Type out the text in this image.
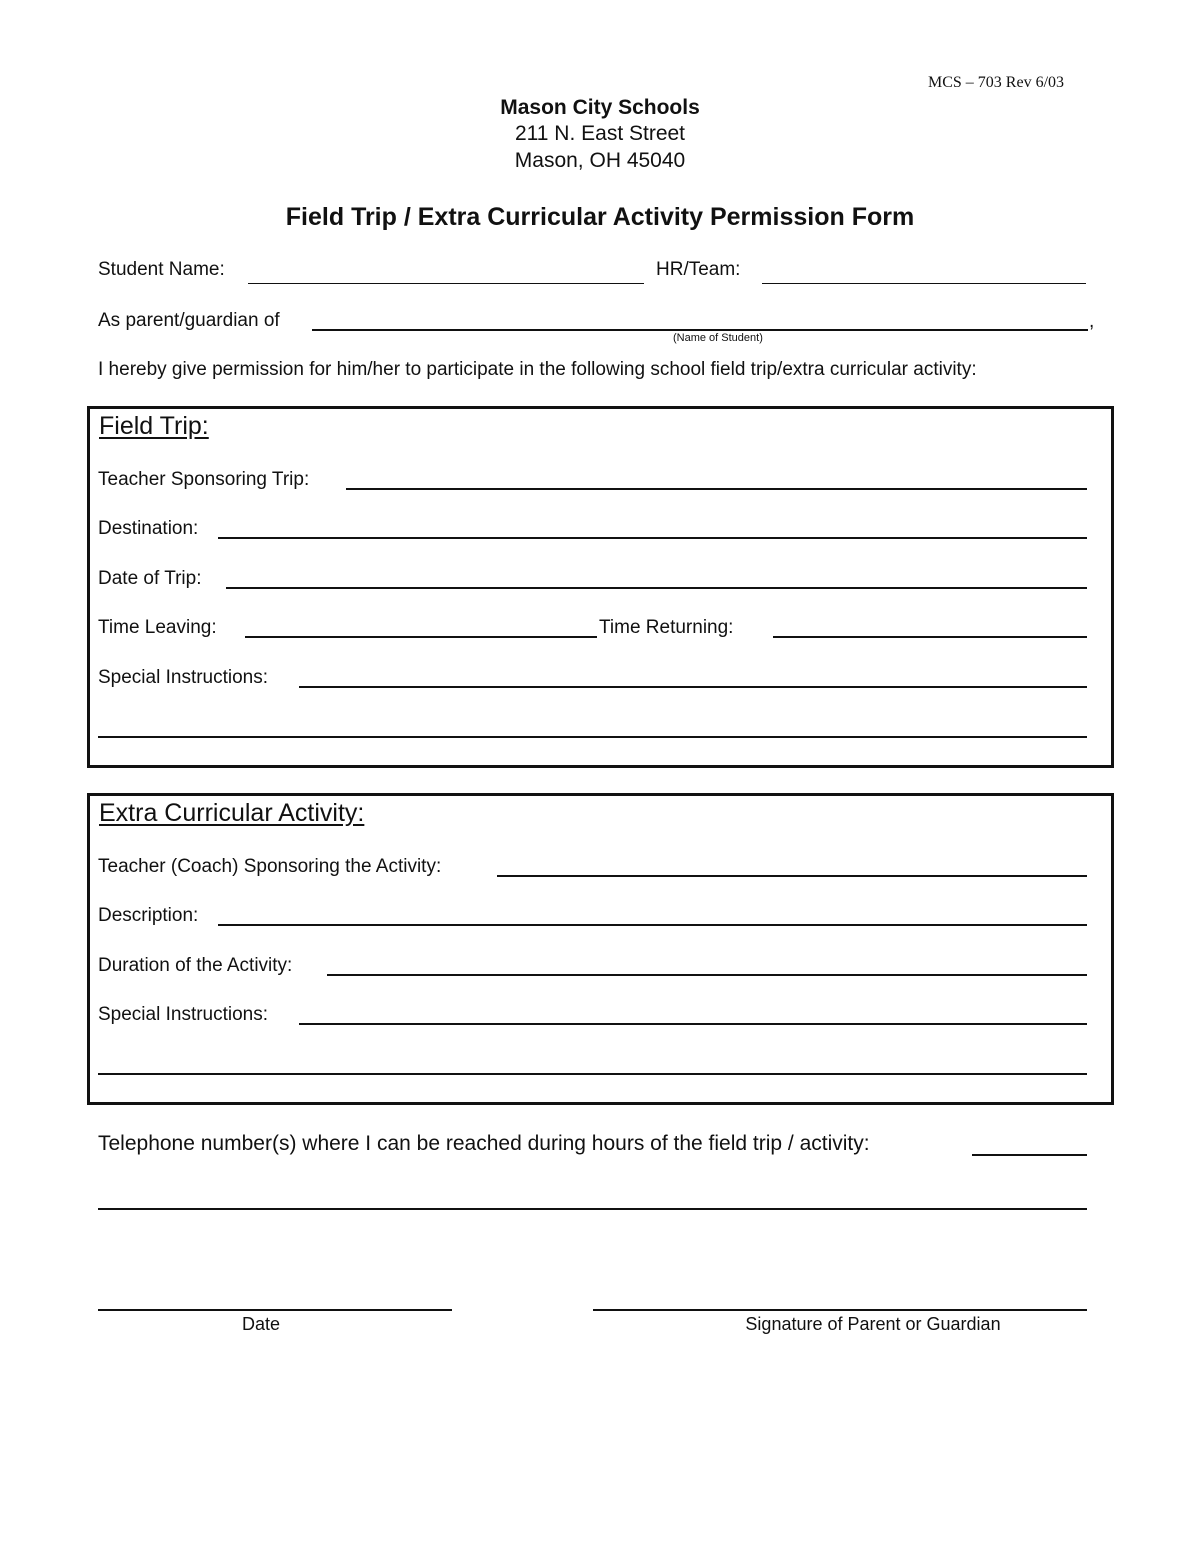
MCS – 703 Rev 6/03
Mason City Schools
211 N. East Street
Mason, OH 45040
Field Trip / Extra Curricular Activity Permission Form
Student Name:	HR/Team:
As parent/guardian of	,
(Name of Student)
I hereby give permission for him/her to participate in the following school field trip/extra curricular activity:
Field Trip:
Teacher Sponsoring Trip:
Destination:
Date of Trip:
Time Leaving:	Time Returning:
Special Instructions:
Extra Curricular Activity:
Teacher (Coach) Sponsoring the Activity:
Description:
Duration of the Activity:
Special Instructions:
Telephone number(s) where I can be reached during hours of the field trip / activity:
Date	Signature of Parent or Guardian
